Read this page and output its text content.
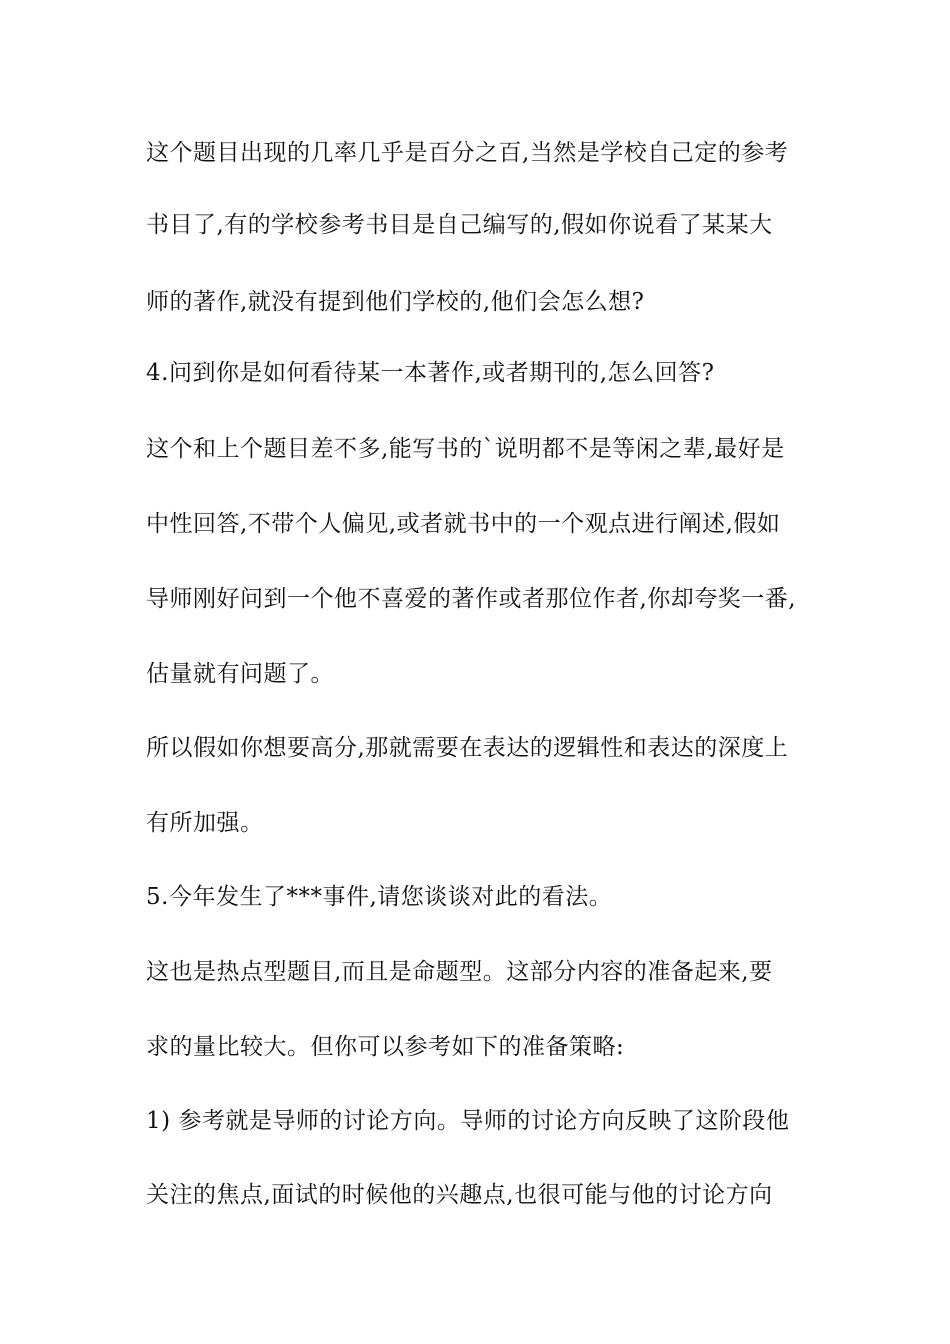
这个题目出现的几率几乎是百分之百,当然是学校自己定的参考

书目了,有的学校参考书目是自己编写的,假如你说看了某某大

师的著作,就没有提到他们学校的,他们会怎么想?

4.问到你是如何看待某一本著作,或者期刊的,怎么回答?

这个和上个题目差不多,能写书的`说明都不是等闲之辈,最好是

中性回答,不带个人偏见,或者就书中的一个观点进行阐述,假如

导师刚好问到一个他不喜爱的著作或者那位作者,你却夸奖一番,

估量就有问题了。

所以假如你想要高分,那就需要在表达的逻辑性和表达的深度上

有所加强。

5.今年发生了***事件,请您谈谈对此的看法。

这也是热点型题目,而且是命题型。这部分内容的准备起来,要

求的量比较大。但你可以参考如下的准备策略:

1) 参考就是导师的讨论方向。导师的讨论方向反映了这阶段他

关注的焦点,面试的时候他的兴趣点,也很可能与他的讨论方向
